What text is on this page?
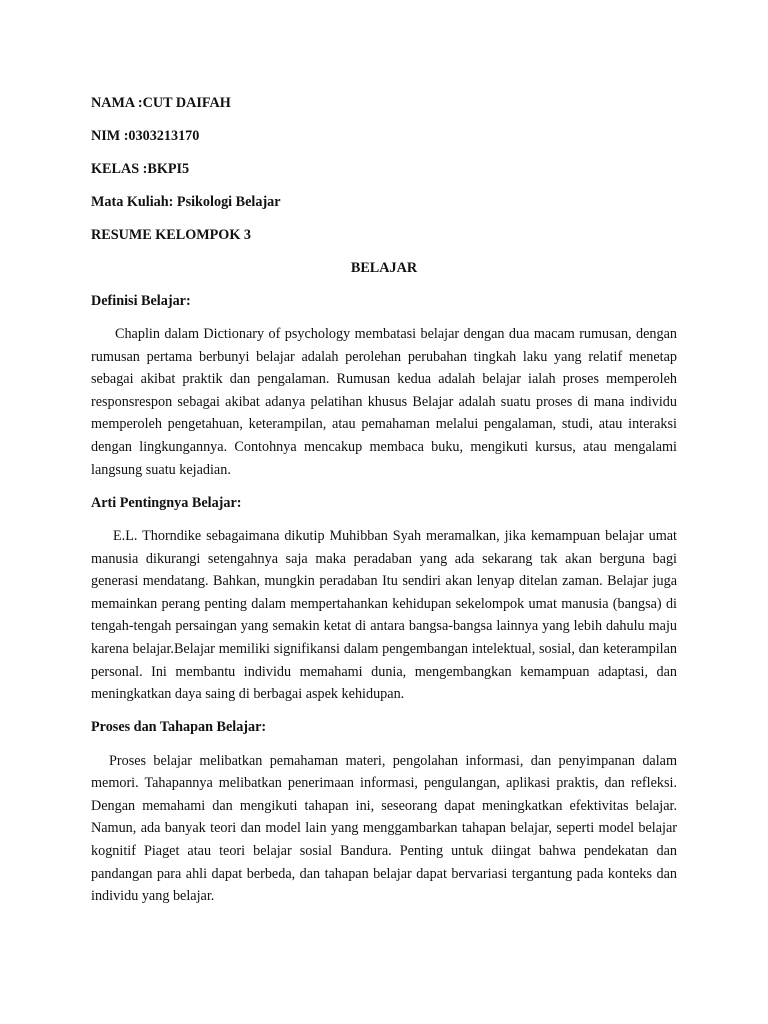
NAMA :CUT DAIFAH
NIM :0303213170
KELAS :BKPI5
Mata Kuliah: Psikologi Belajar
RESUME KELOMPOK 3
BELAJAR
Definisi Belajar:
Chaplin dalam Dictionary of psychology membatasi belajar dengan dua macam rumusan, dengan rumusan pertama berbunyi belajar adalah perolehan perubahan tingkah laku yang relatif menetap sebagai akibat praktik dan pengalaman. Rumusan kedua adalah belajar ialah proses memperoleh responsrespon sebagai akibat adanya pelatihan khusus Belajar adalah suatu proses di mana individu memperoleh pengetahuan, keterampilan, atau pemahaman melalui pengalaman, studi, atau interaksi dengan lingkungannya. Contohnya mencakup membaca buku, mengikuti kursus, atau mengalami langsung suatu kejadian.
Arti Pentingnya Belajar:
E.L. Thorndike sebagaimana dikutip Muhibban Syah meramalkan, jika kemampuan belajar umat manusia dikurangi setengahnya saja maka peradaban yang ada sekarang tak akan berguna bagi generasi mendatang. Bahkan, mungkin peradaban Itu sendiri akan lenyap ditelan zaman. Belajar juga memainkan perang penting dalam mempertahankan kehidupan sekelompok umat manusia (bangsa) di tengah-tengah persaingan yang semakin ketat di antara bangsa-bangsa lainnya yang lebih dahulu maju karena belajar.Belajar memiliki signifikansi dalam pengembangan intelektual, sosial, dan keterampilan personal. Ini membantu individu memahami dunia, mengembangkan kemampuan adaptasi, dan meningkatkan daya saing di berbagai aspek kehidupan.
Proses dan Tahapan Belajar:
Proses belajar melibatkan pemahaman materi, pengolahan informasi, dan penyimpanan dalam memori. Tahapannya melibatkan penerimaan informasi, pengulangan, aplikasi praktis, dan refleksi. Dengan memahami dan mengikuti tahapan ini, seseorang dapat meningkatkan efektivitas belajar. Namun, ada banyak teori dan model lain yang menggambarkan tahapan belajar, seperti model belajar kognitif Piaget atau teori belajar sosial Bandura. Penting untuk diingat bahwa pendekatan dan pandangan para ahli dapat berbeda, dan tahapan belajar dapat bervariasi tergantung pada konteks dan individu yang belajar.
